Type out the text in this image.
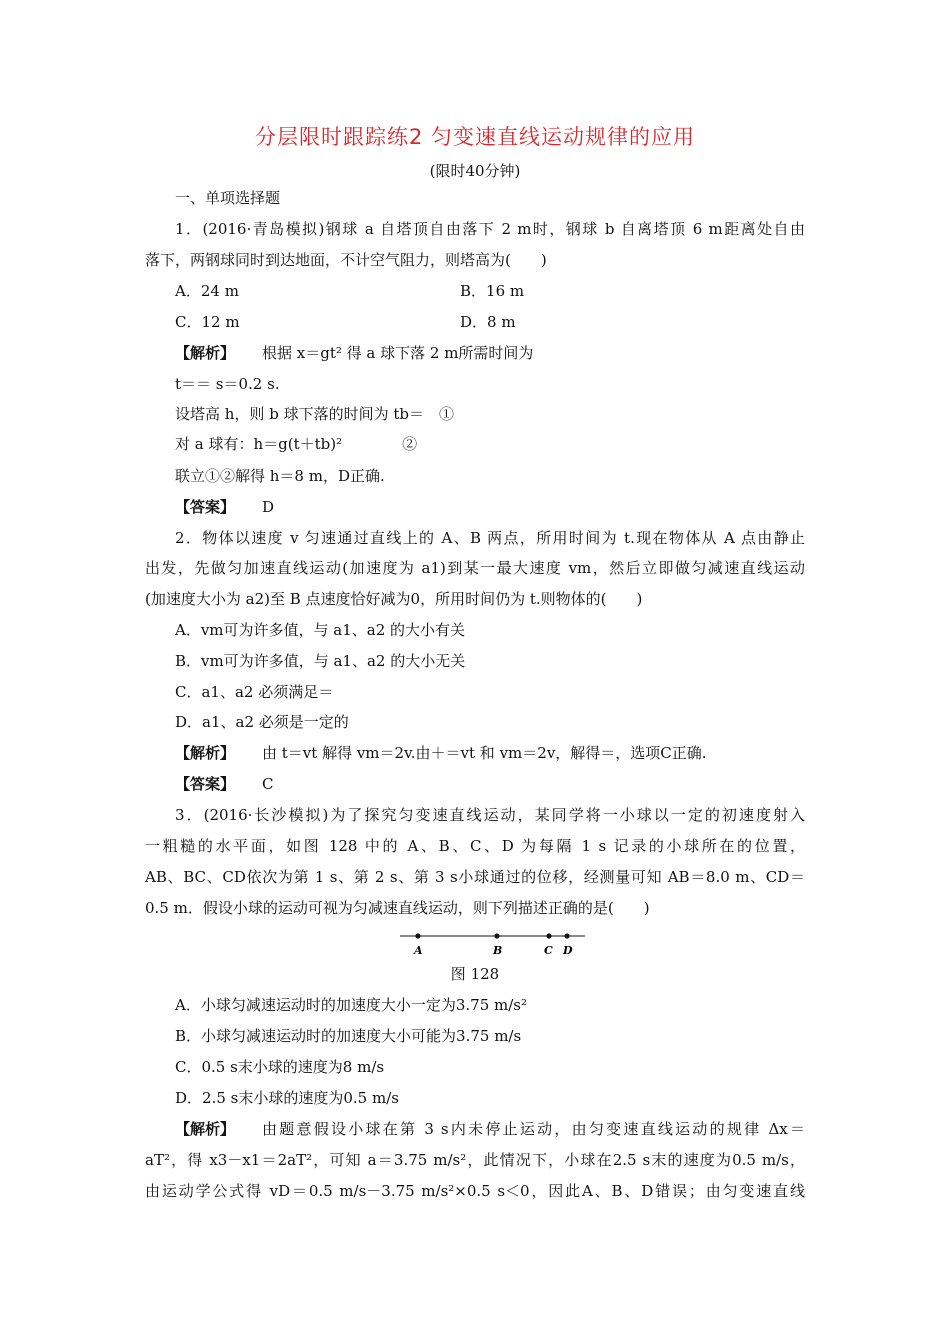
分层限时跟踪练2 匀变速直线运动规律的应用
(限时40分钟)
一、单项选择题
1．(2016·青岛模拟)钢球 a 自塔顶自由落下 2 m时，钢球 b 自离塔顶 6 m距离处自由
落下，两钢球同时到达地面，不计空气阻力，则塔高为(　　)
A．24 m	B．16 m
C．12 m	D．8 m
【解析】 根据 x＝gt² 得 a 球下落 2 m所需时间为
t＝＝ s＝0.2 s.
设塔高 h，则 b 球下落的时间为 tb＝　①
对 a 球有：h＝g(t＋tb)²　　　　②
联立①②解得 h＝8 m，D正确.
【答案】 D
2．物体以速度 v 匀速通过直线上的 A、B 两点，所用时间为 t.现在物体从 A 点由静止
出发，先做匀加速直线运动(加速度为 a1)到某一最大速度 vm，然后立即做匀减速直线运动
(加速度大小为 a2)至 B 点速度恰好减为0，所用时间仍为 t.则物体的(　　)
A．vm可为许多值，与 a1、a2 的大小有关
B．vm可为许多值，与 a1、a2 的大小无关
C．a1、a2 必须满足＝
D．a1、a2 必须是一定的
【解析】 由 t＝vt 解得 vm＝2v.由＋＝vt 和 vm＝2v，解得＝，选项C正确.
【答案】 C
3．(2016·长沙模拟)为了探究匀变速直线运动，某同学将一小球以一定的初速度射入
一粗糙的水平面，如图 128 中的 A、B、C、D 为每隔 1 s 记录的小球所在的位置，
AB、BC、CD依次为第 1 s、第 2 s、第 3 s小球通过的位移，经测量可知 AB＝8.0 m、CD＝
0.5 m．假设小球的运动可视为匀减速直线运动，则下列描述正确的是(　　)
A	B	C D
图 128
A．小球匀减速运动时的加速度大小一定为3.75 m/s²
B．小球匀减速运动时的加速度大小可能为3.75 m/s
C．0.5 s末小球的速度为8 m/s
D．2.5 s末小球的速度为0.5 m/s
【解析】 由题意假设小球在第 3 s内未停止运动，由匀变速直线运动的规律 Δx＝
aT²，得 x3－x1＝2aT²，可知 a＝3.75 m/s²，此情况下，小球在2.5 s末的速度为0.5 m/s，
由运动学公式得 vD＝0.5 m/s－3.75 m/s²×0.5 s＜0，因此A、B、D错误；由匀变速直线
